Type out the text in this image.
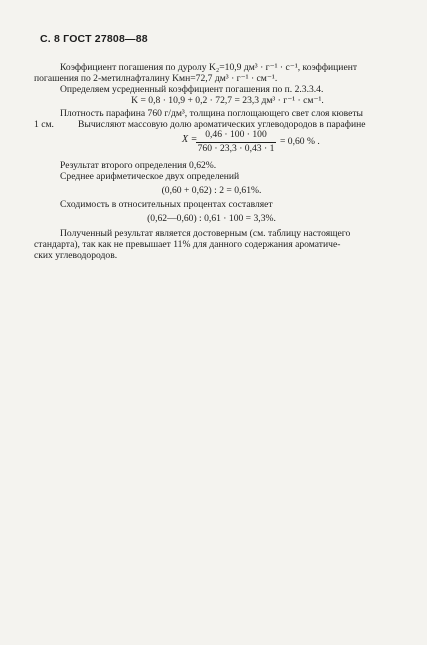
С. 8 ГОСТ 27808—88
Коэффициент погашения по дуролу K₂=10,9 дм³ · г⁻¹ · с⁻¹, коэффициент
погашения по 2-метилнафталину Kмн=72,7 дм³ · г⁻¹ · см⁻¹.
Определяем усредненный коэффициент погашения по п. 2.3.3.4.
K = 0,8 · 10,9 + 0,2 · 72,7 = 23,3 дм³ · г⁻¹ · см⁻¹.
Плотность парафина 760 г/дм³, толщина поглощающего свет слоя кюветы
1 см.	Вычисляют массовую долю ароматических углеводородов в парафине
X =
$\frac{0,46 \cdot 100 \cdot 100}{760 \cdot 23,3 \cdot 0,43 \cdot 1} = 0,60$ % .
Результат второго определения 0,62%.
Среднее арифметическое двух определений
(0,60 + 0,62) : 2 = 0,61%.
Сходимость в относительных процентах составляет
(0,62—0,60) : 0,61 · 100 = 3,3%.
Полученный результат является достоверным (см. таблицу настоящего
стандарта), так как не превышает 11% для данного содержания ароматиче-
ских углеводородов.
